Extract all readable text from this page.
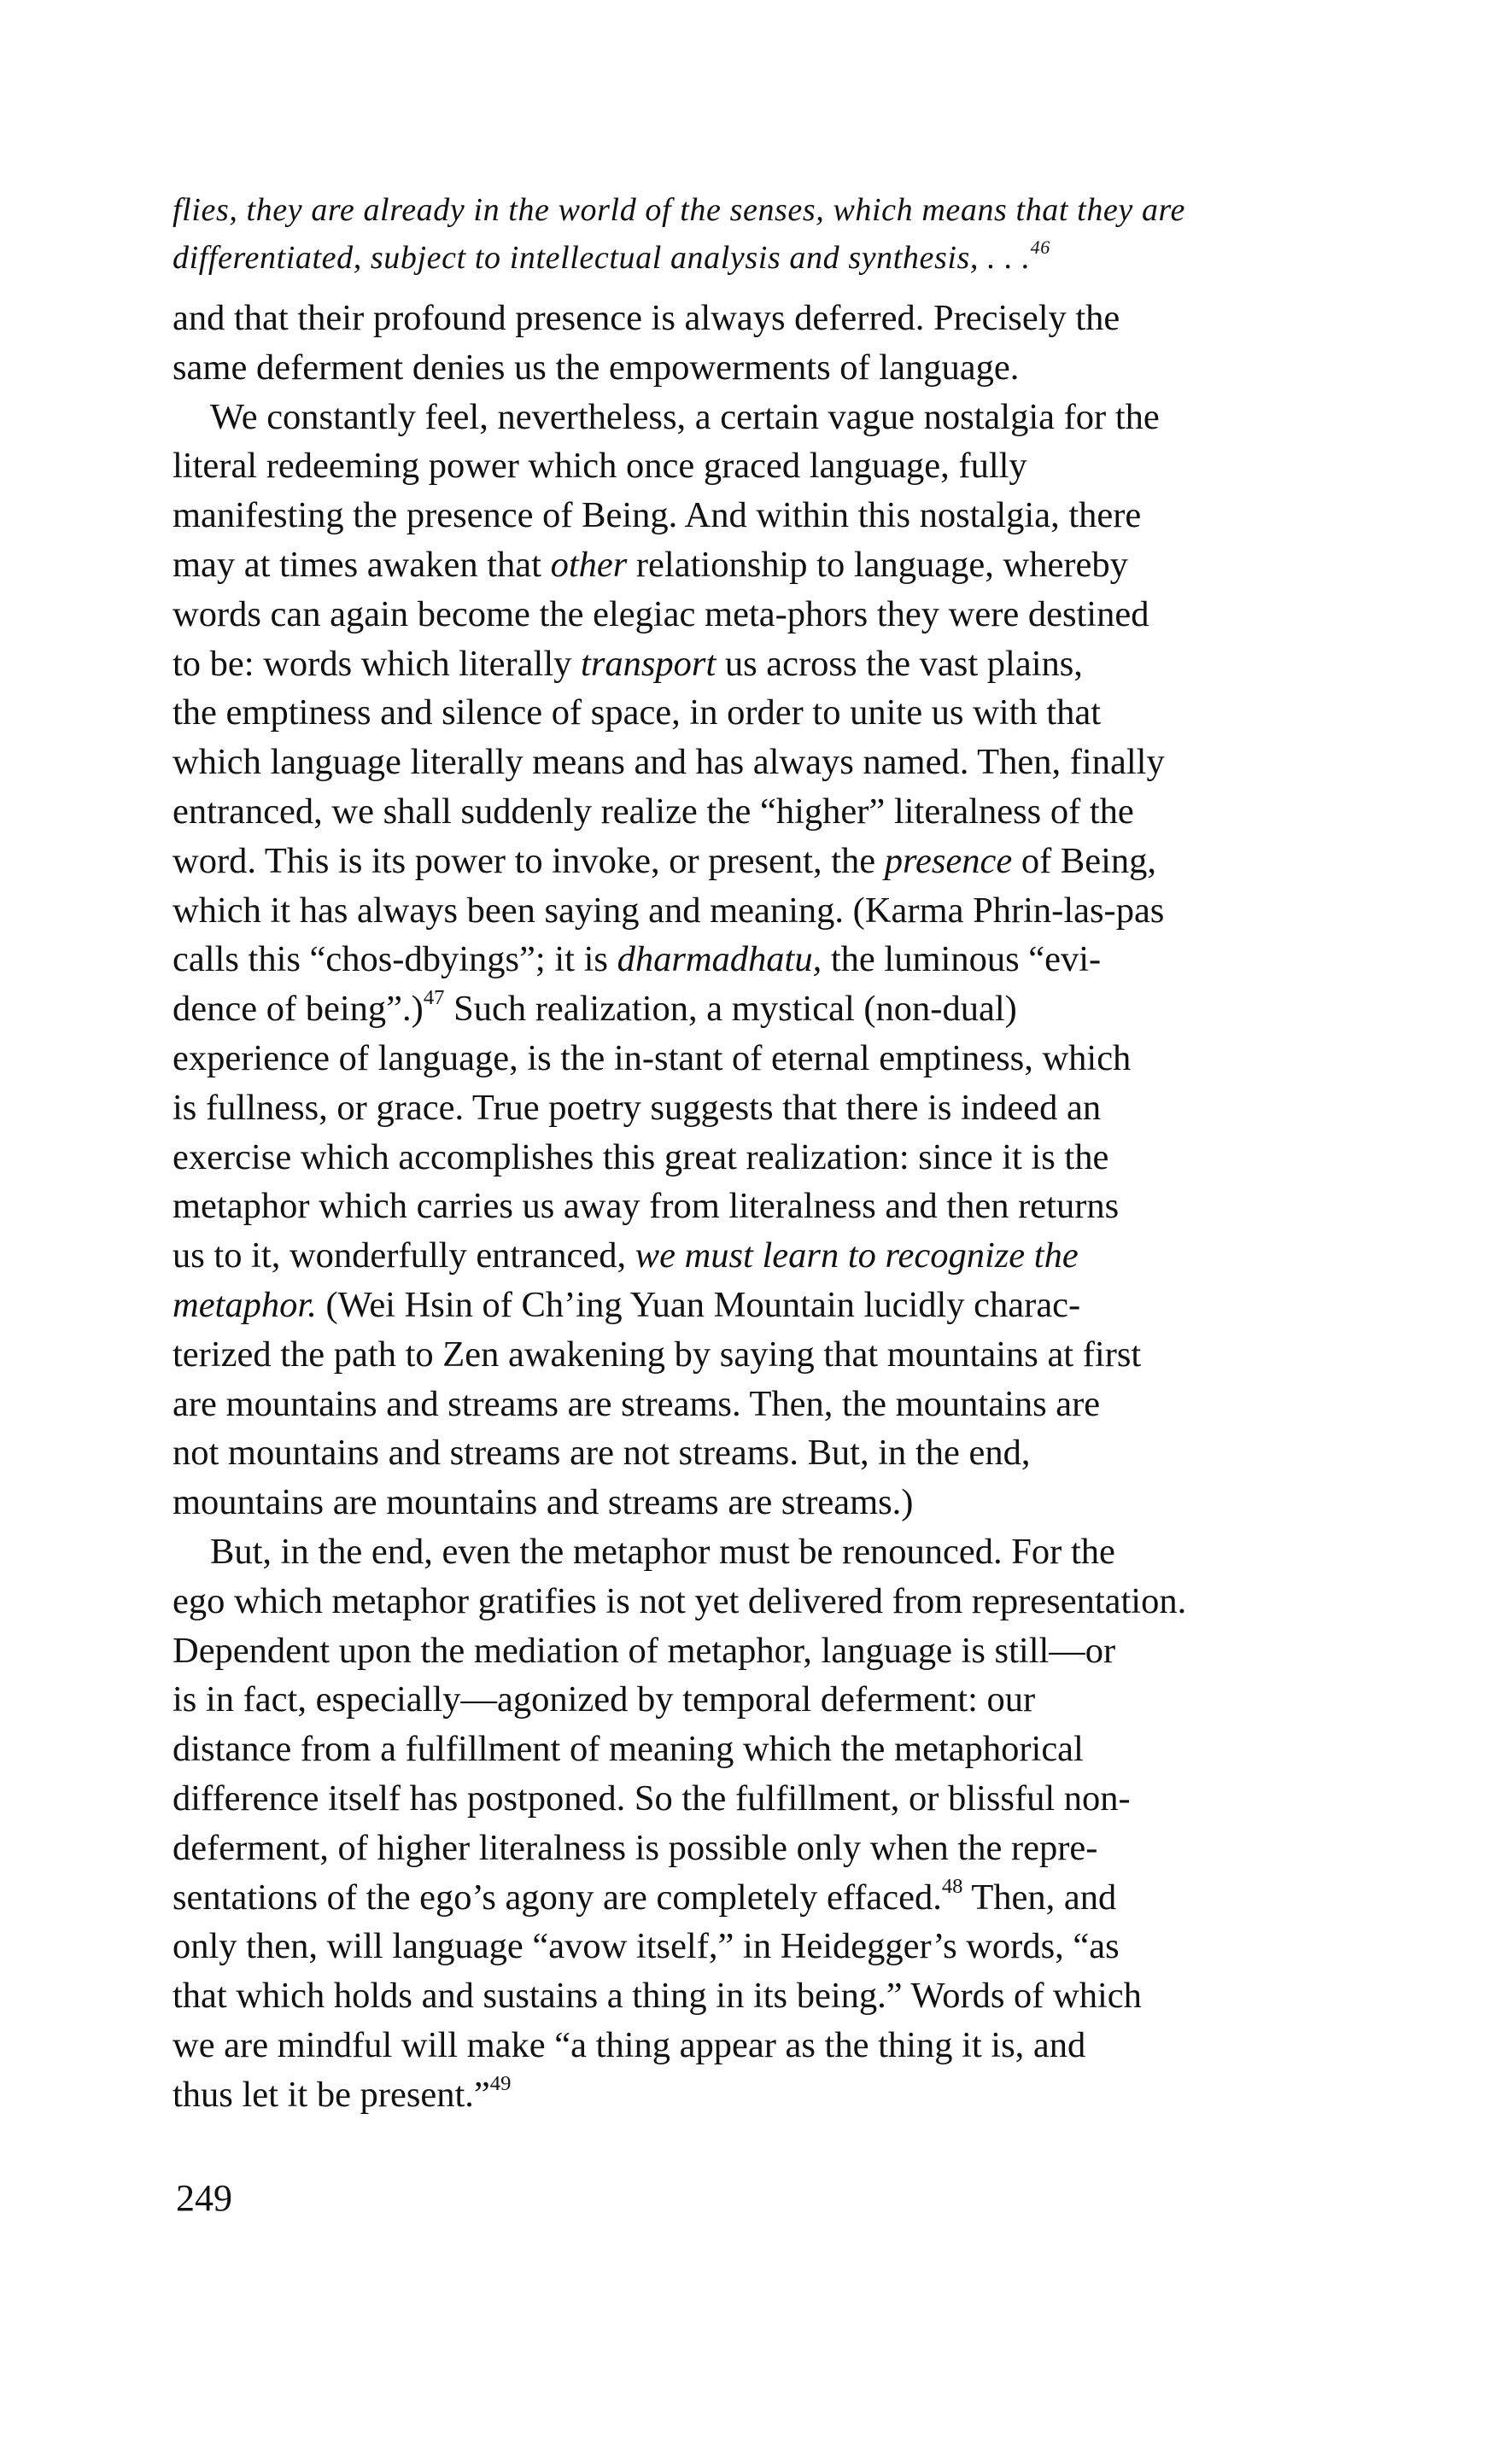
flies, they are already in the world of the senses, which means that they are
differentiated, subject to intellectual analysis and synthesis, . . .$^{46}$
and that their profound presence is always deferred. Precisely the
same deferment denies us the empowerments of language.
We constantly feel, nevertheless, a certain vague nostalgia for the
literal redeeming power which once graced language, fully
manifesting the presence of Being. And within this nostalgia, there
may at times awaken that other relationship to language, whereby
words can again become the elegiac meta-phors they were destined
to be: words which literally transport us across the vast plains,
the emptiness and silence of space, in order to unite us with that
which language literally means and has always named. Then, finally
entranced, we shall suddenly realize the “higher” literalness of the
word. This is its power to invoke, or present, the presence of Being,
which it has always been saying and meaning. (Karma Phrin-las-pas
calls this “chos-dbyings”; it is dharmadhatu, the luminous “evi-
dence of being”.)$^{47}$ Such realization, a mystical (non-dual)
experience of language, is the in-stant of eternal emptiness, which
is fullness, or grace. True poetry suggests that there is indeed an
exercise which accomplishes this great realization: since it is the
metaphor which carries us away from literalness and then returns
us to it, wonderfully entranced, we must learn to recognize the
metaphor. (Wei Hsin of Ch’ing Yuan Mountain lucidly charac-
terized the path to Zen awakening by saying that mountains at first
are mountains and streams are streams. Then, the mountains are
not mountains and streams are not streams. But, in the end,
mountains are mountains and streams are streams.)
But, in the end, even the metaphor must be renounced. For the
ego which metaphor gratifies is not yet delivered from representation.
Dependent upon the mediation of metaphor, language is still—or
is in fact, especially—agonized by temporal deferment: our
distance from a fulfillment of meaning which the metaphorical
difference itself has postponed. So the fulfillment, or blissful non-
deferment, of higher literalness is possible only when the repre-
sentations of the ego’s agony are completely effaced.$^{48}$ Then, and
only then, will language “avow itself,” in Heidegger’s words, “as
that which holds and sustains a thing in its being.” Words of which
we are mindful will make “a thing appear as the thing it is, and
thus let it be present.”$^{49}$
249
